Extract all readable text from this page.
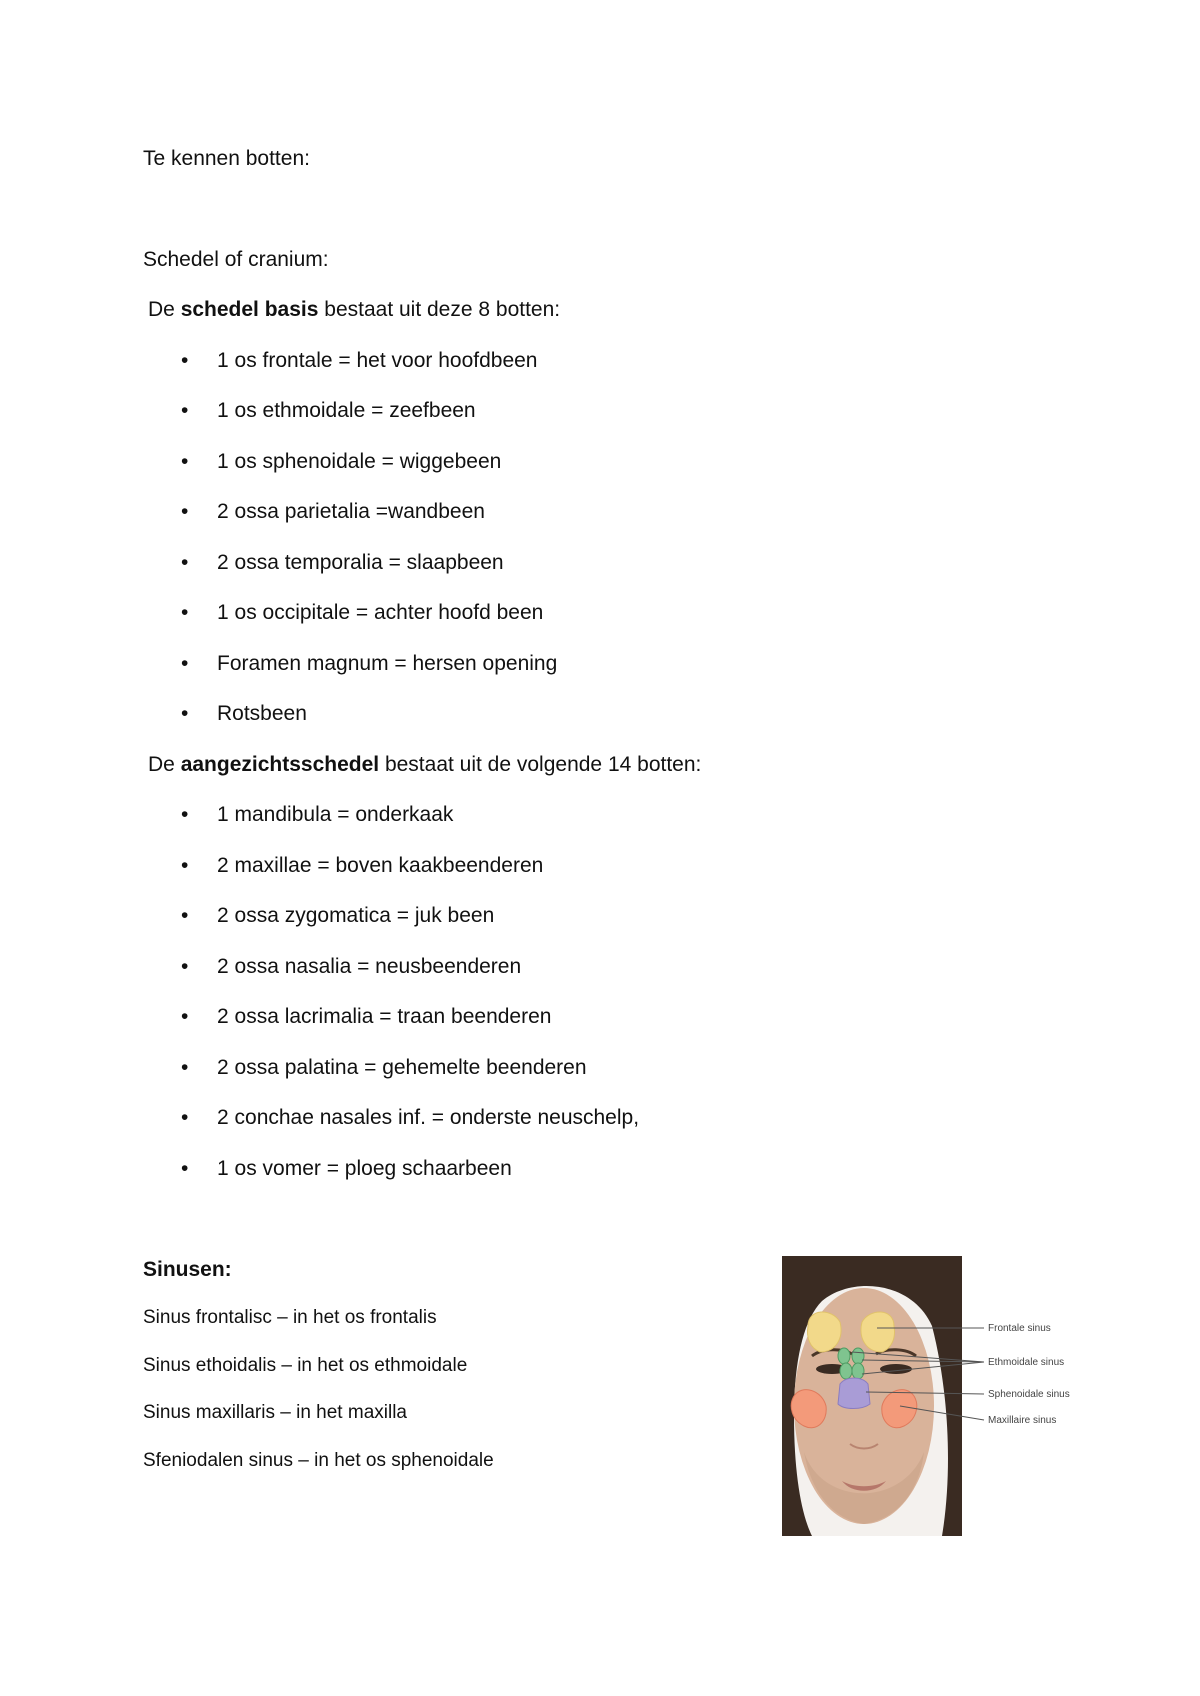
Te kennen botten:
Schedel of cranium:
De schedel basis bestaat uit deze 8 botten:
• 1 os frontale = het voor hoofdbeen
• 1 os ethmoidale = zeefbeen
• 1 os sphenoidale = wiggebeen
• 2 ossa parietalia =wandbeen
• 2 ossa temporalia = slaapbeen
• 1 os occipitale = achter hoofd been
• Foramen magnum = hersen opening
• Rotsbeen
De aangezichtsschedel bestaat uit de volgende 14 botten:
• 1 mandibula = onderkaak
• 2 maxillae = boven kaakbeenderen
• 2 ossa zygomatica = juk been
• 2 ossa nasalia = neusbeenderen
• 2 ossa lacrimalia = traan beenderen
• 2 ossa palatina = gehemelte beenderen
• 2 conchae nasales inf. = onderste neuschelp,
• 1 os vomer = ploeg schaarbeen
Sinusen:
Sinus frontalisc – in het os frontalis
Sinus ethoidalis – in het os ethmoidale
Sinus maxillaris – in het maxilla
Sfeniodalen sinus – in het os sphenoidale
Frontale sinus
Ethmoidale sinus
Sphenoidale sinus
Maxillaire sinus
